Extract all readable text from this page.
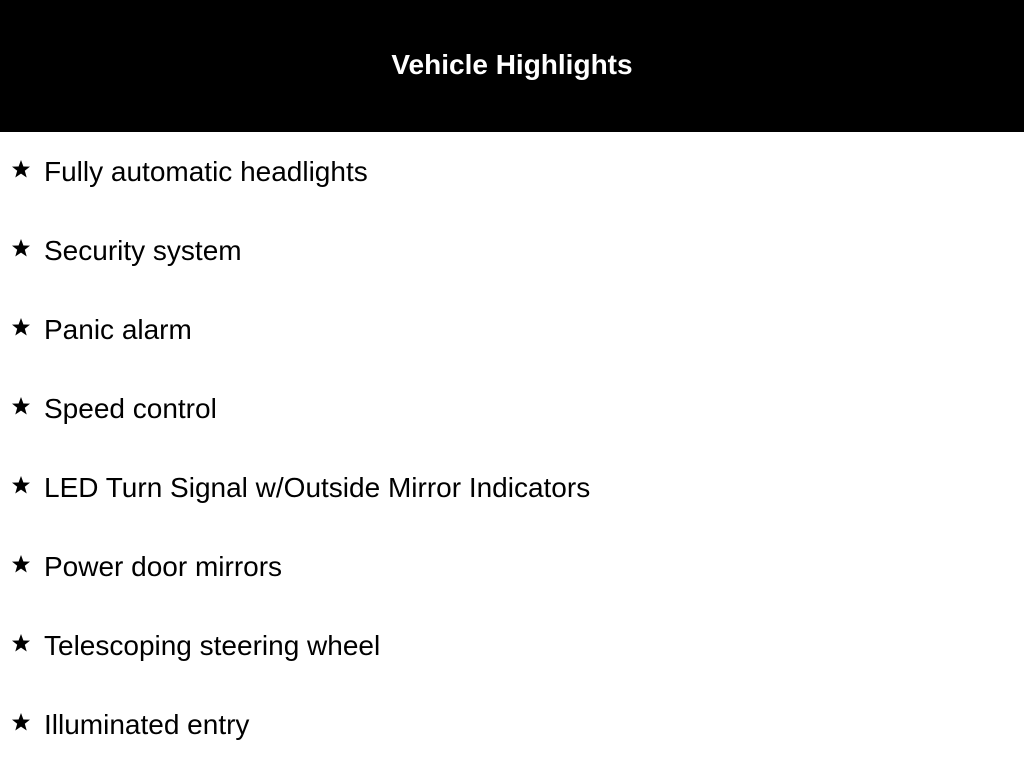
Vehicle Highlights
Fully automatic headlights
Security system
Panic alarm
Speed control
LED Turn Signal w/Outside Mirror Indicators
Power door mirrors
Telescoping steering wheel
Illuminated entry
